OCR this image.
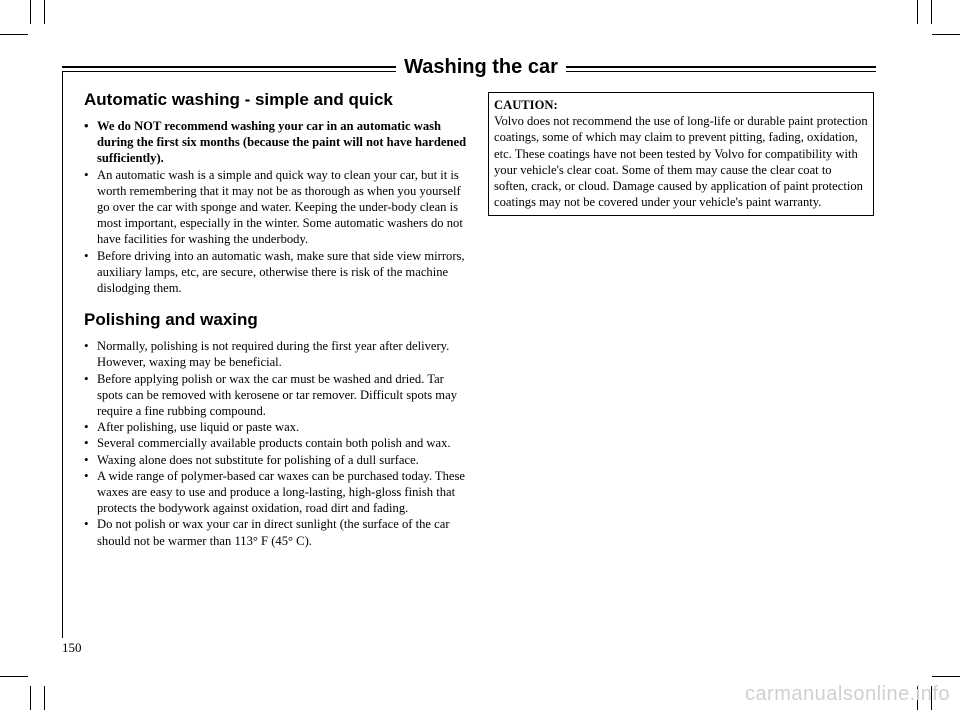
Washing the car
Automatic washing - simple and quick
• We do NOT recommend washing your car in an automatic wash during the first six months (because the paint will not have hardened sufficiently).
• An automatic wash is a simple and quick way to clean your car, but it is worth remembering that it may not be as thorough as when you yourself go over the car with sponge and water. Keeping the under-body clean is most important, especially in the winter. Some automatic washers do not have facilities for washing the underbody.
• Before driving into an automatic wash, make sure that side view mirrors, auxiliary lamps, etc, are secure, otherwise there is risk of the machine dislodging them.
Polishing and waxing
• Normally, polishing is not required during the first year after delivery. However, waxing may be beneficial.
• Before applying polish or wax the car must be washed and dried. Tar spots can be removed with kerosene or tar remover. Difficult spots may require a fine rubbing compound.
• After polishing, use liquid or paste wax.
• Several commercially available products contain both polish and wax.
• Waxing alone does not substitute for polishing of a dull surface.
• A wide range of polymer-based car waxes can be purchased today. These waxes are easy to use and produce a long-lasting, high-gloss finish that protects the bodywork against oxidation, road dirt and fading.
• Do not polish or wax your car in direct sunlight (the surface of the car should not be warmer than 113° F (45° C).
CAUTION:
Volvo does not recommend the use of long-life or durable paint protection coatings, some of which may claim to prevent pitting, fading, oxidation, etc. These coatings have not been tested by Volvo for compatibility with your vehicle's clear coat. Some of them may cause the clear coat to soften, crack, or cloud. Damage caused by application of paint protection coatings may not be covered under your vehicle's paint warranty.
150
carmanualsonline.info
